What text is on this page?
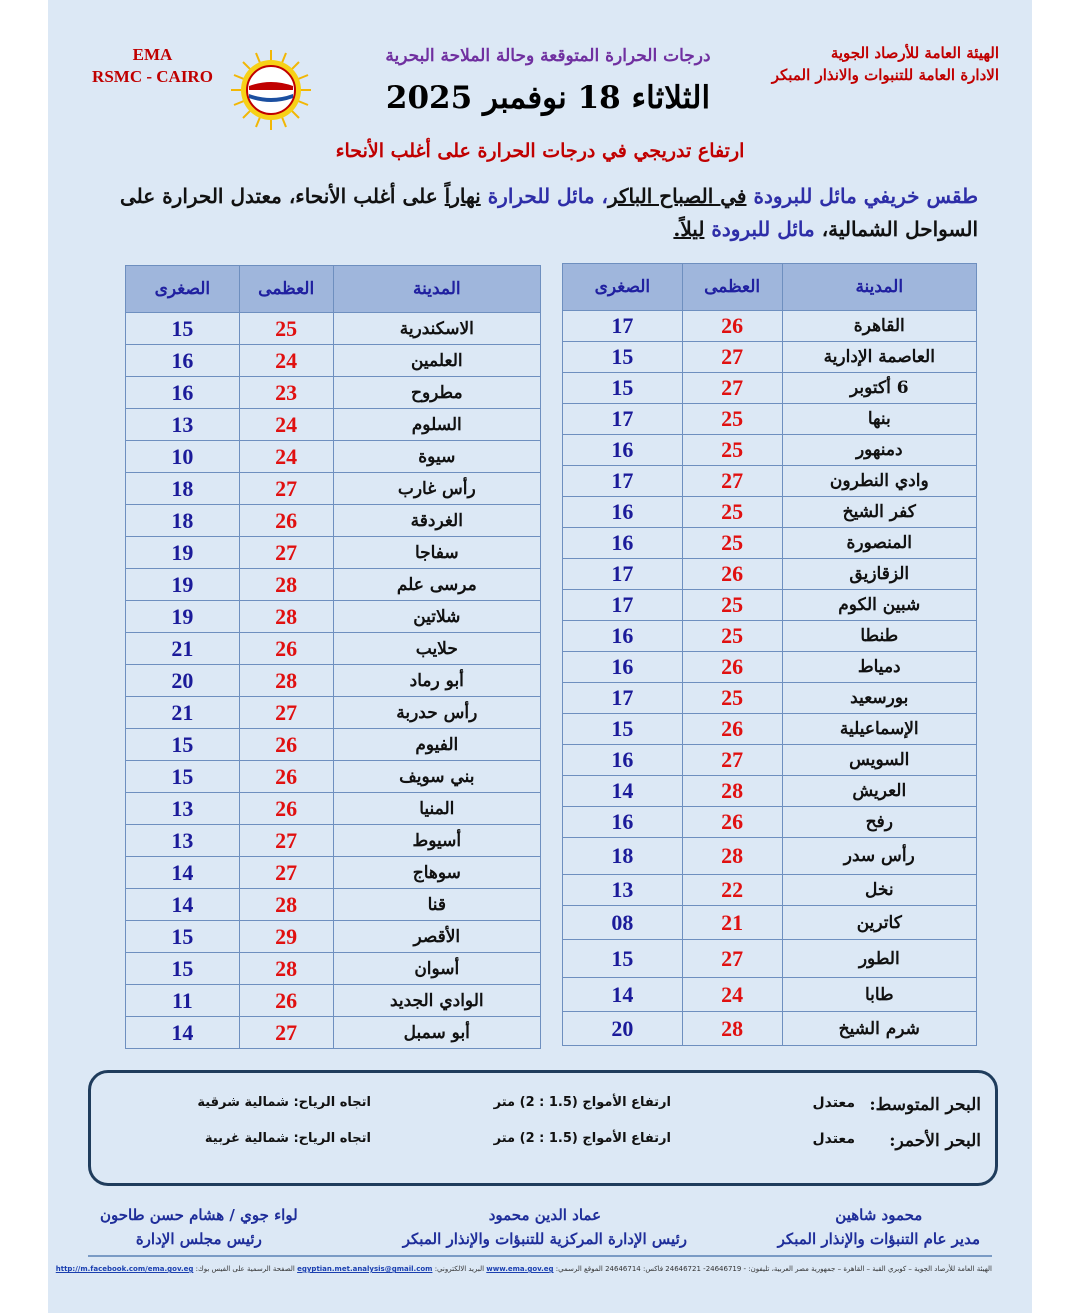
الهيئة العامة للأرصاد الجوية
الادارة العامة للتنبوات والانذار المبكر
EMA
RSMC - CAIRO	EMA
درجات الحرارة المتوقعة وحالة الملاحة البحرية
الثلاثاء 18 نوفمبر 2025
ارتفاع تدريجي في درجات الحرارة على أغلب الأنحاء
طقس خريفي مائل للبرودة في الصباح الباكر، مائل للحرارة نهاراً على أغلب الأنحاء، معتدل الحرارة على السواحل الشمالية، مائل للبرودة ليلاً.
المدينة	العظمى	الصغرى
القاهرة	26	17
العاصمة الإدارية	27	15
6 أكتوبر	27	15
بنها	25	17
دمنهور	25	16
وادي النطرون	27	17
كفر الشيخ	25	16
المنصورة	25	16
الزقازيق	26	17
شبين الكوم	25	17
طنطا	25	16
دمياط	26	16
بورسعيد	25	17
الإسماعيلية	26	15
السويس	27	16
العريش	28	14
رفح	26	16
رأس سدر	28	18
نخل	22	13
كاترين	21	08
الطور	27	15
طابا	24	14
شرم الشيخ	28	20
المدينة	العظمى	الصغرى
الاسكندرية	25	15
العلمين	24	16
مطروح	23	16
السلوم	24	13
سيوة	24	10
رأس غارب	27	18
الغردقة	26	18
سفاجا	27	19
مرسى علم	28	19
شلاتين	28	19
حلايب	26	21
أبو رماد	28	20
رأس حدربة	27	21
الفيوم	26	15
بني سويف	26	15
المنيا	26	13
أسيوط	27	13
سوهاج	27	14
قنا	28	14
الأقصر	29	15
أسوان	28	15
الوادي الجديد	26	11
أبو سمبل	27	14
البحر المتوسط:
معتدل
ارتفاع الأمواج (1.5 : 2) متر
اتجاه الرياح: شمالية شرقية
البحر الأحمر:
معتدل
ارتفاع الأمواج (1.5 : 2) متر
اتجاه الرياح: شمالية غربية
محمود شاهين
مدير عام التنبؤات والإنذار المبكر
عماد الدين محمود
رئيس الإدارة المركزية للتنبؤات والإنذار المبكر
لواء جوي / هشام حسن طاحون
رئيس مجلس الإدارة
الهيئة العامة للأرصاد الجوية – كوبري القبة – القاهرة – جمهورية مصر العربية، تليفون: - 24646719- 24646721 فاكس: 24646714 الموقع الرسمي: www.ema.gov.eg البريد الالكتروني: egyptian.met.analysis@gmail.com الصفحة الرسمية على الفيس بوك: http://m.facebook.com/ema.gov.eg
